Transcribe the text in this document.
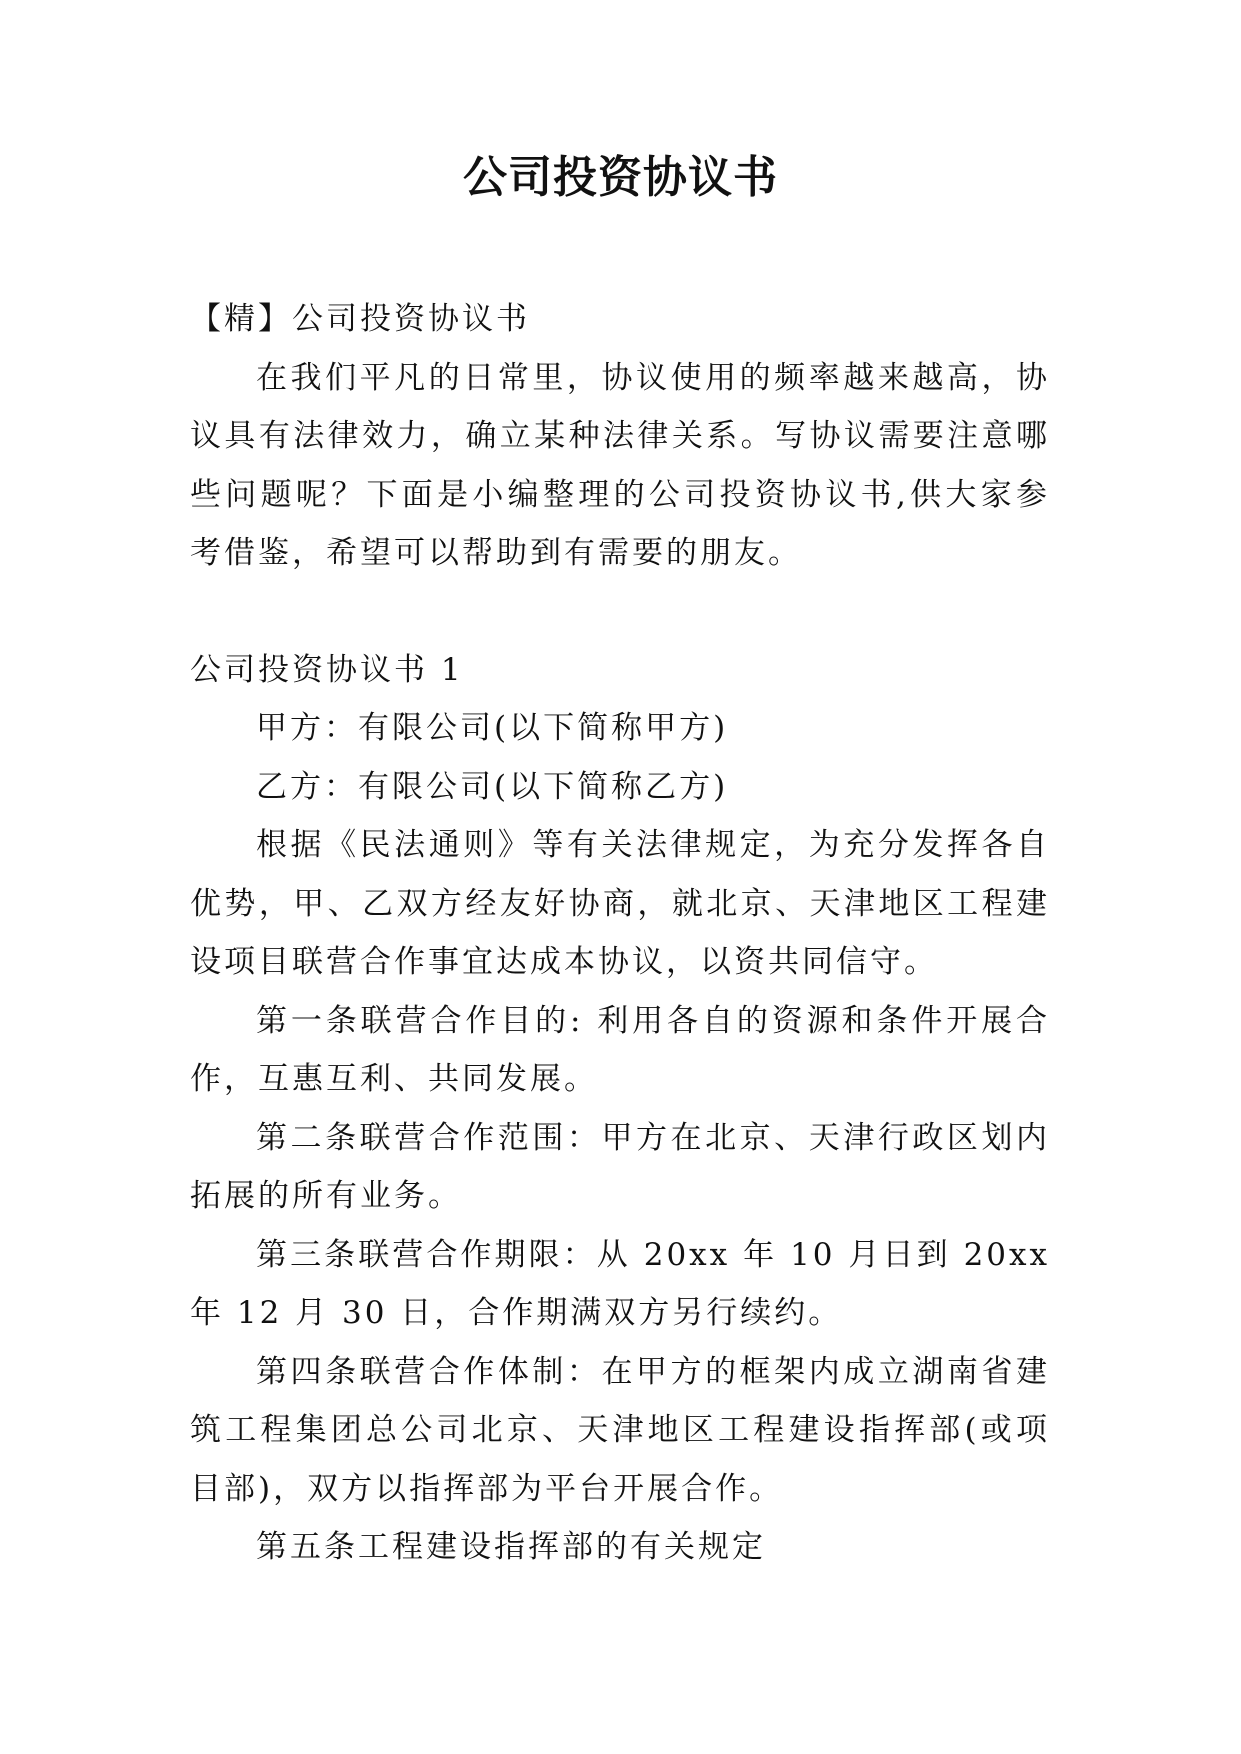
公司投资协议书

【精】公司投资协议书

在我们平凡的日常里，协议使用的频率越来越高，协议具有法律效力，确立某种法律关系。写协议需要注意哪些问题呢？下面是小编整理的公司投资协议书,供大家参考借鉴，希望可以帮助到有需要的朋友。

公司投资协议书 1

甲方：有限公司(以下简称甲方)

乙方：有限公司(以下简称乙方)

根据《民法通则》等有关法律规定，为充分发挥各自优势，甲、乙双方经友好协商，就北京、天津地区工程建设项目联营合作事宜达成本协议，以资共同信守。

第一条联营合作目的: 利用各自的资源和条件开展合作，互惠互利、共同发展。

第二条联营合作范围：甲方在北京、天津行政区划内拓展的所有业务。

第三条联营合作期限：从 20xx 年 10 月日到 20xx 年 12 月 30 日，合作期满双方另行续约。

第四条联营合作体制：在甲方的框架内成立湖南省建筑工程集团总公司北京、天津地区工程建设指挥部(或项目部)，双方以指挥部为平台开展合作。

第五条工程建设指挥部的有关规定
